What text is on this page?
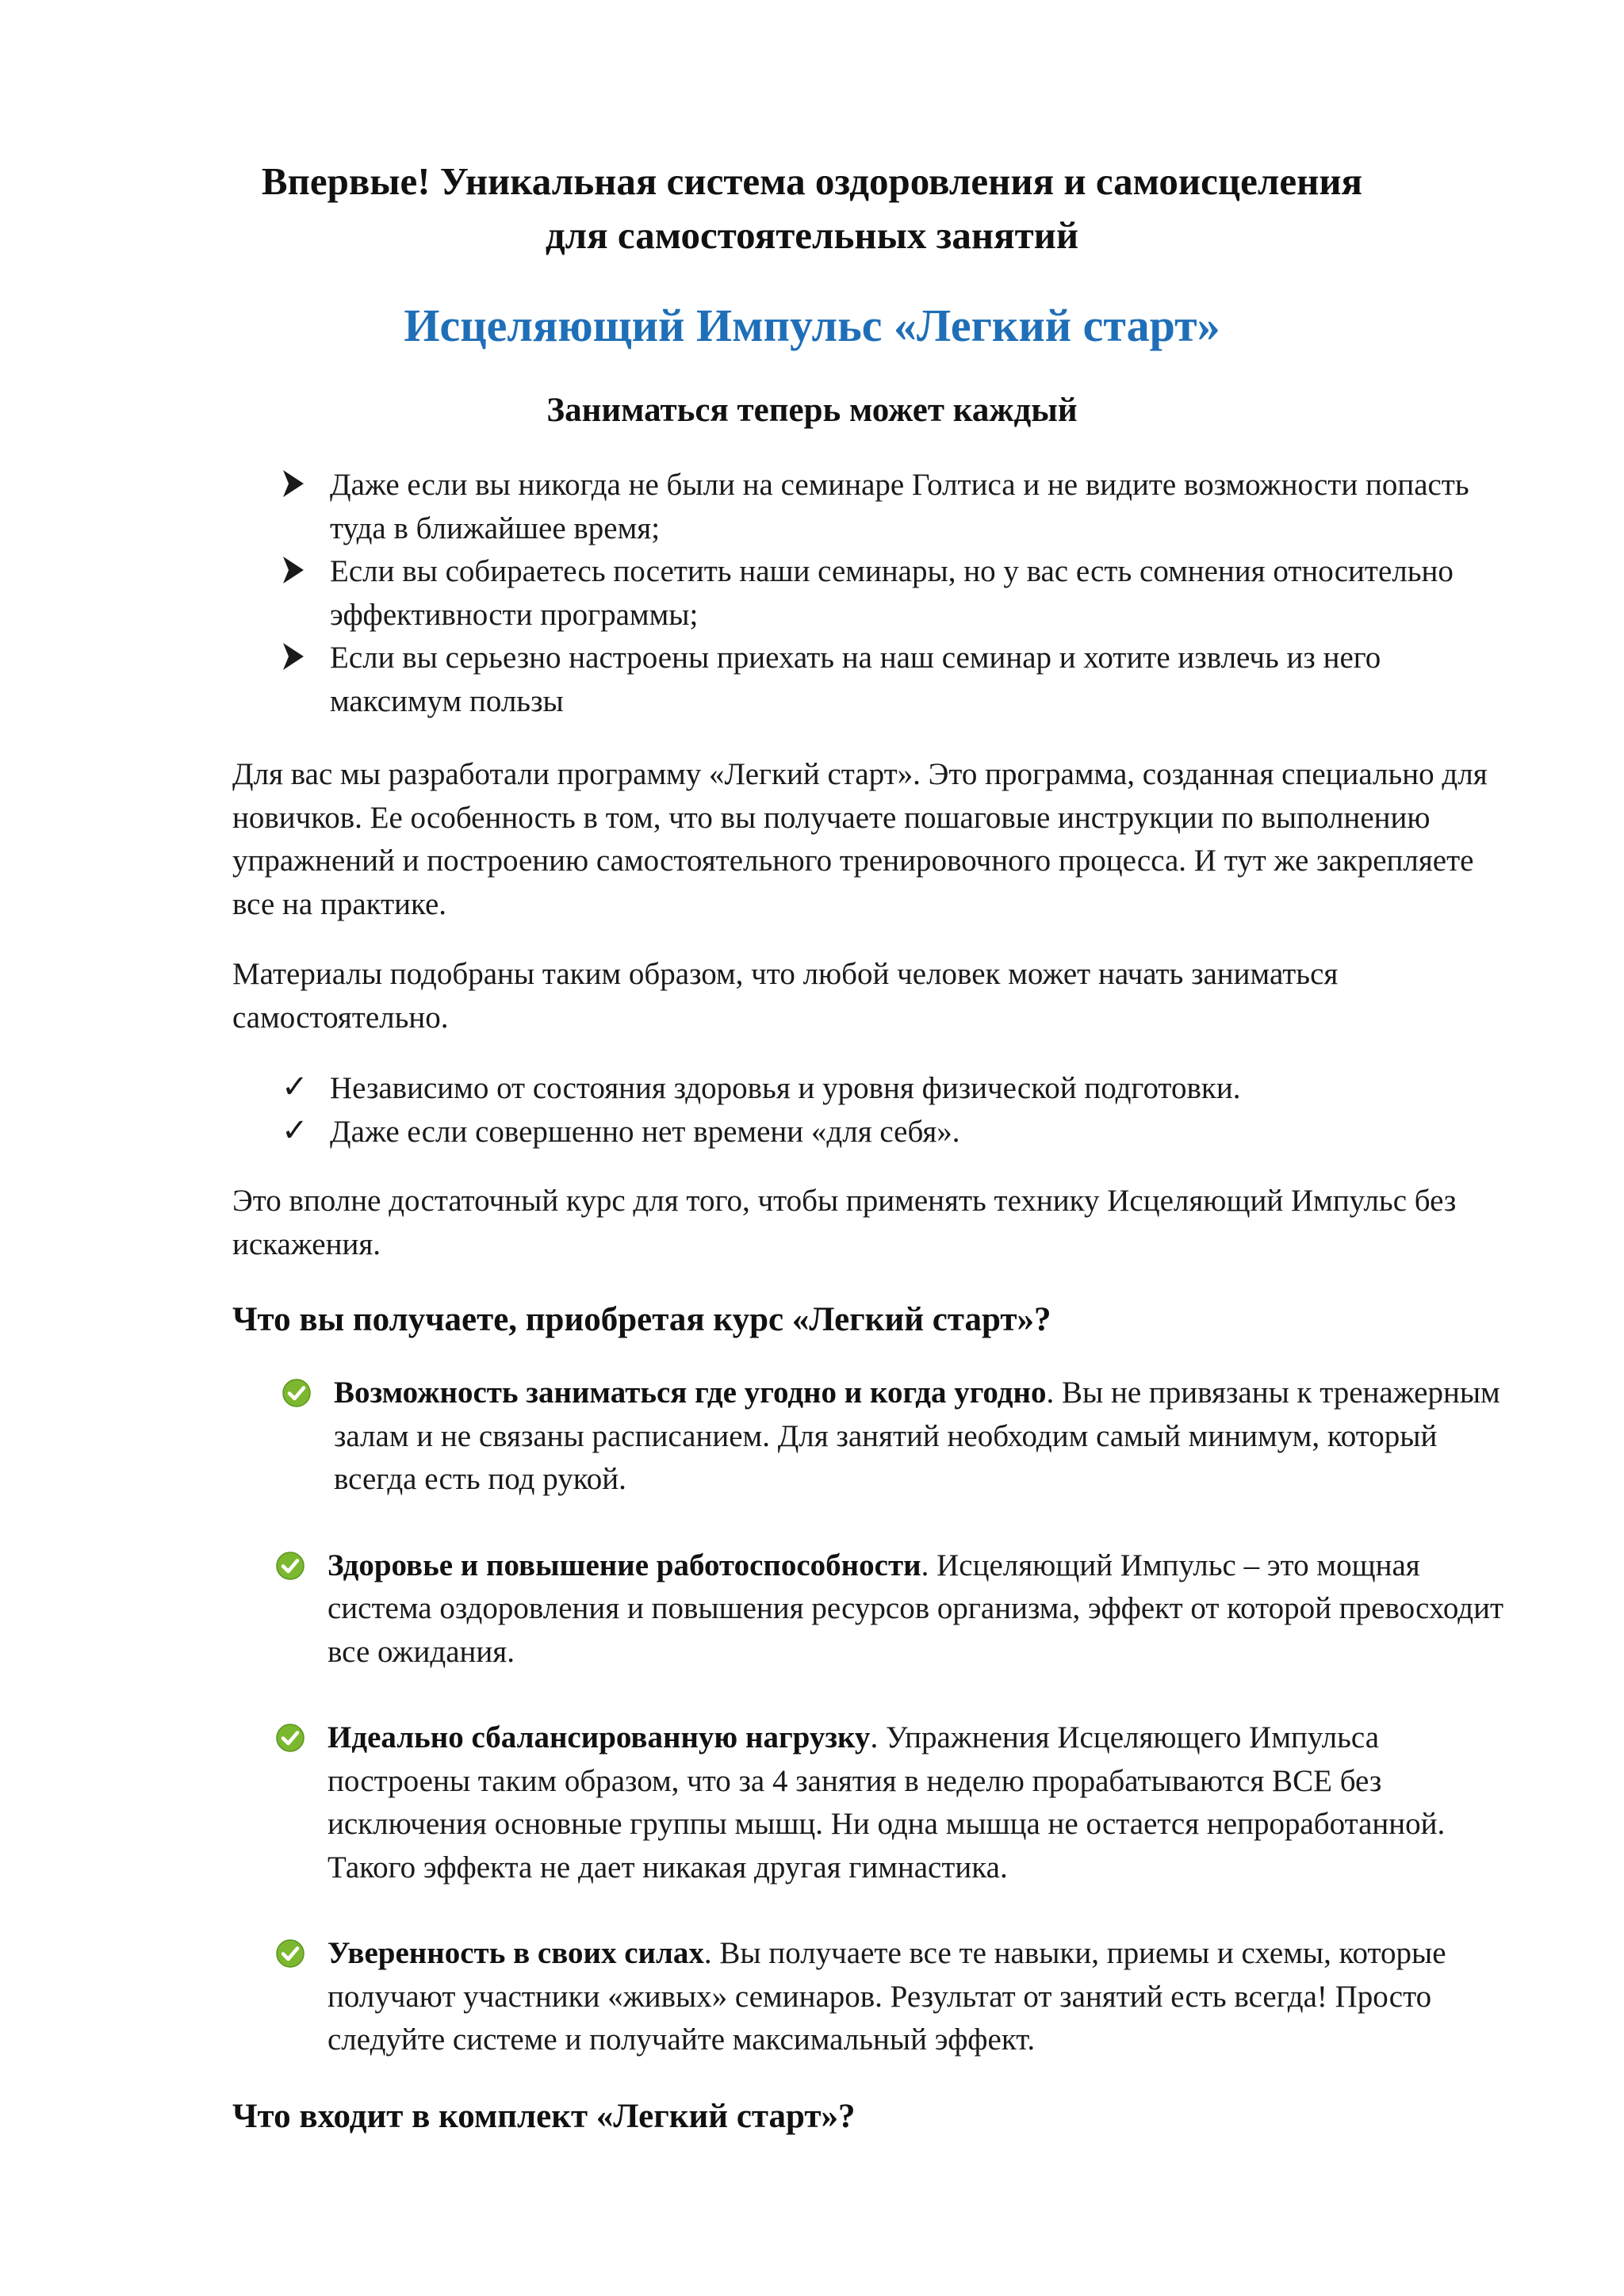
Впервые! Уникальная система оздоровления и самоисцеления
для самостоятельных занятий
Исцеляющий Импульс «Легкий старт»
Заниматься теперь может каждый
Даже если вы никогда не были на семинаре Голтиса и не видите возможности попасть туда в ближайшее время;
Если вы собираетесь посетить наши семинары, но у вас есть сомнения относительно эффективности программы;
Если вы серьезно настроены приехать на наш семинар и хотите извлечь из него максимум пользы
Для вас мы разработали программу «Легкий старт». Это программа, созданная специально для новичков. Ее особенность в том, что вы получаете пошаговые инструкции по выполнению упражнений и построению самостоятельного тренировочного процесса. И тут же закрепляете все на практике.
Материалы подобраны таким образом, что любой человек может начать заниматься самостоятельно.
✓ Независимо от состояния здоровья и уровня физической подготовки.
✓ Даже если совершенно нет времени «для себя».
Это вполне достаточный курс для того, чтобы применять технику Исцеляющий Импульс без искажения.
Что вы получаете, приобретая курс «Легкий старт»?
Возможность заниматься где угодно и когда угодно. Вы не привязаны к тренажерным залам и не связаны расписанием. Для занятий необходим самый минимум, который всегда есть под рукой.
Здоровье и повышение работоспособности. Исцеляющий Импульс – это мощная система оздоровления и повышения ресурсов организма, эффект от которой превосходит все ожидания.
Идеально сбалансированную нагрузку. Упражнения Исцеляющего Импульса построены таким образом, что за 4 занятия в неделю прорабатываются ВСЕ без исключения основные группы мышц. Ни одна мышца не остается непроработанной. Такого эффекта не дает никакая другая гимнастика.
Уверенность в своих силах. Вы получаете все те навыки, приемы и схемы, которые получают участники «живых» семинаров. Результат от занятий есть всегда! Просто следуйте системе и получайте максимальный эффект.
Что входит в комплект «Легкий старт»?
